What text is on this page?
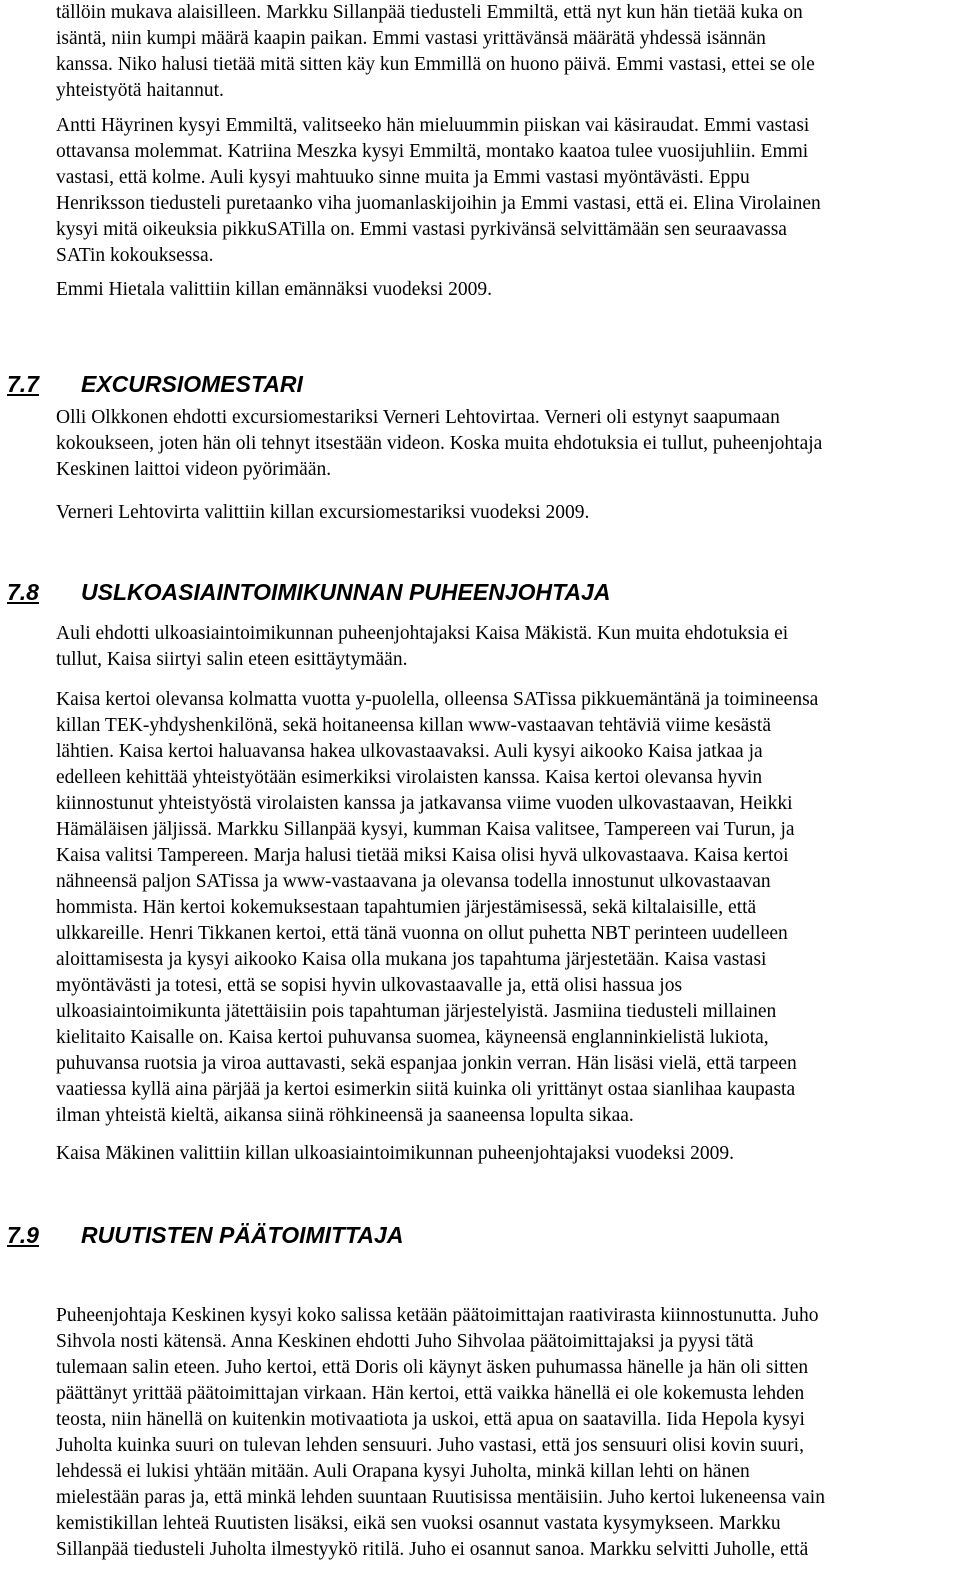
tällöin mukava alaisilleen. Markku Sillanpää tiedusteli Emmiltä, että nyt kun hän tietää kuka on
isäntä, niin kumpi määrä kaapin paikan. Emmi vastasi yrittävänsä määrätä yhdessä isännän
kanssa. Niko halusi tietää mitä sitten käy kun Emmillä on huono päivä. Emmi vastasi, ettei se ole
yhteistyötä haitannut.
Antti Häyrinen kysyi Emmiltä, valitseeko hän mieluummin piiskan vai käsiraudat. Emmi vastasi
ottavansa molemmat. Katriina Meszka kysyi Emmiltä, montako kaatoa tulee vuosijuhliin. Emmi
vastasi, että kolme. Auli kysyi mahtuuko sinne muita ja Emmi vastasi myöntävästi. Eppu
Henriksson tiedusteli puretaanko viha juomanlaskijoihin ja Emmi vastasi, että ei. Elina Virolainen
kysyi mitä oikeuksia pikkuSATilla on. Emmi vastasi pyrkivänsä selvittämään sen seuraavassa
SATin kokouksessa.
Emmi Hietala valittiin killan emännäksi vuodeksi 2009.
7.7 EXCURSIOMESTARI
Olli Olkkonen ehdotti excursiomestariksi Verneri Lehtovirtaa. Verneri oli estynyt saapumaan
kokoukseen, joten hän oli tehnyt itsestään videon. Koska muita ehdotuksia ei tullut, puheenjohtaja
Keskinen laittoi videon pyörimään.
Verneri Lehtovirta valittiin killan excursiomestariksi vuodeksi 2009.
7.8 USLKOASIAINTOIMIKUNNAN PUHEENJOHTAJA
Auli ehdotti ulkoasiaintoimikunnan puheenjohtajaksi Kaisa Mäkistä. Kun muita ehdotuksia ei
tullut, Kaisa siirtyi salin eteen esittäytymään.
Kaisa kertoi olevansa kolmatta vuotta y-puolella, olleensa SATissa pikkuemäntänä ja toimineensa
killan TEK-yhdyshenkilönä, sekä hoitaneensa killan www-vastaavan tehtäviä viime kesästä
lähtien. Kaisa kertoi haluavansa hakea ulkovastaavaksi. Auli kysyi aikooko Kaisa jatkaa ja
edelleen kehittää yhteistyötään esimerkiksi virolaisten kanssa. Kaisa kertoi olevansa hyvin
kiinnostunut yhteistyöstä virolaisten kanssa ja jatkavansa viime vuoden ulkovastaavan, Heikki
Hämäläisen jäljissä. Markku Sillanpää kysyi, kumman Kaisa valitsee, Tampereen vai Turun, ja
Kaisa valitsi Tampereen. Marja halusi tietää miksi Kaisa olisi hyvä ulkovastaava. Kaisa kertoi
nähneensä paljon SATissa ja www-vastaavana ja olevansa todella innostunut ulkovastaavan
hommista. Hän kertoi kokemuksestaan tapahtumien järjestämisessä, sekä kiltalaisille, että
ulkkareille. Henri Tikkanen kertoi, että tänä vuonna on ollut puhetta NBT perinteen uudelleen
aloittamisesta ja kysyi aikooko Kaisa olla mukana jos tapahtuma järjestetään. Kaisa vastasi
myöntävästi ja totesi, että se sopisi hyvin ulkovastaavalle ja, että olisi hassua jos
ulkoasiaintoimikunta jätettäisiin pois tapahtuman järjestelyistä. Jasmiina tiedusteli millainen
kielitaito Kaisalle on. Kaisa kertoi puhuvansa suomea, käyneensä englanninkielistä lukiota,
puhuvansa ruotsia ja viroa auttavasti, sekä espanjaa jonkin verran. Hän lisäsi vielä, että tarpeen
vaatiessa kyllä aina pärjää ja kertoi esimerkin siitä kuinka oli yrittänyt ostaa sianlihaa kaupasta
ilman yhteistä kieltä, aikansa siinä röhkineensä ja saaneensa lopulta sikaa.
Kaisa Mäkinen valittiin killan ulkoasiaintoimikunnan puheenjohtajaksi vuodeksi 2009.
7.9 RUUTISTEN PÄÄTOIMITTAJA
Puheenjohtaja Keskinen kysyi koko salissa ketään päätoimittajan raativirasta kiinnostunutta. Juho
Sihvola nosti kätensä. Anna Keskinen ehdotti Juho Sihvolaa päätoimittajaksi ja pyysi tätä
tulemaan salin eteen. Juho kertoi, että Doris oli käynyt äsken puhumassa hänelle ja hän oli sitten
päättänyt yrittää päätoimittajan virkaan. Hän kertoi, että vaikka hänellä ei ole kokemusta lehden
teosta, niin hänellä on kuitenkin motivaatiota ja uskoi, että apua on saatavilla. Iida Hepola kysyi
Juholta kuinka suuri on tulevan lehden sensuuri. Juho vastasi, että jos sensuuri olisi kovin suuri,
lehdessä ei lukisi yhtään mitään. Auli Orapana kysyi Juholta, minkä killan lehti on hänen
mielestään paras ja, että minkä lehden suuntaan Ruutisissa mentäisiin. Juho kertoi lukeneensa vain
kemistikillan lehteä Ruutisten lisäksi, eikä sen vuoksi osannut vastata kysymykseen. Markku
Sillanpää tiedusteli Juholta ilmestyykö ritilä. Juho ei osannut sanoa. Markku selvitti Juholle, että
